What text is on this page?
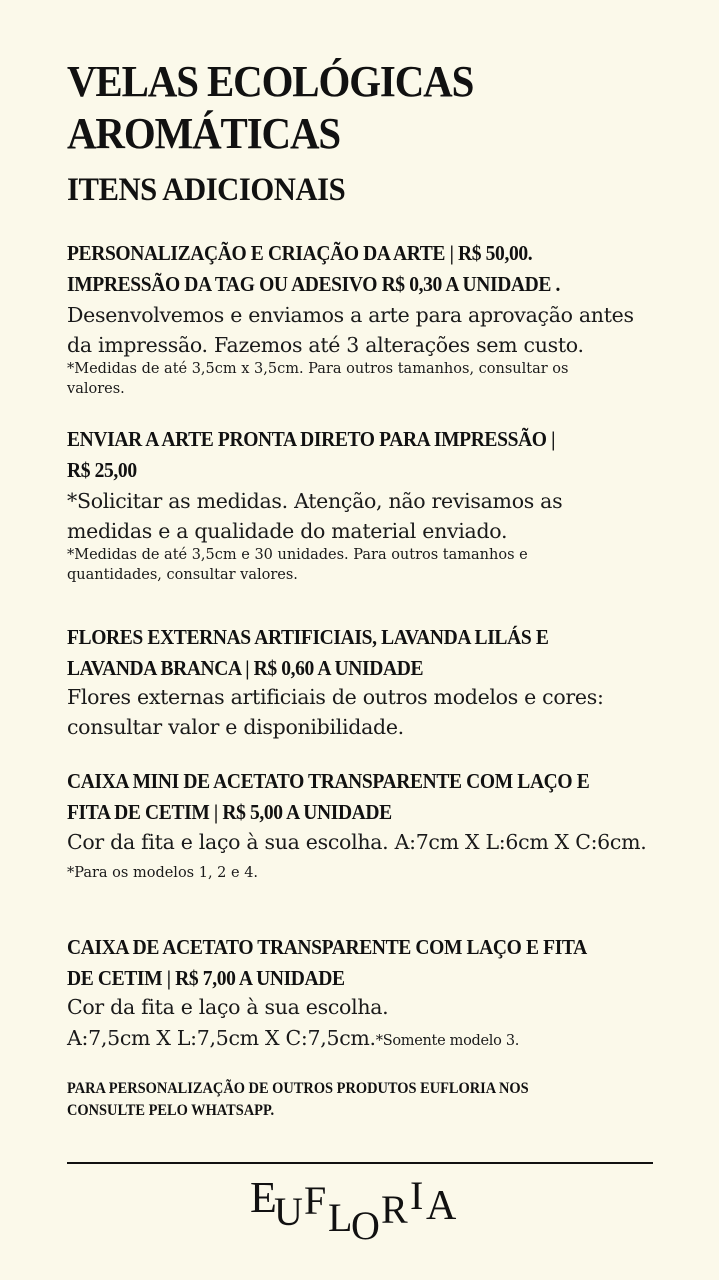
VELAS ECOLÓGICAS
AROMÁTICAS
ITENS ADICIONAIS
PERSONALIZAÇÃO E CRIAÇÃO DA ARTE | R$ 50,00.
IMPRESSÃO DA TAG OU ADESIVO R$ 0,30 A UNIDADE .
Desenvolvemos e enviamos a arte para aprovação antes
da impressão. Fazemos até 3 alterações sem custo.
*Medidas de até 3,5cm x 3,5cm. Para outros tamanhos, consultar os
valores.
ENVIAR A ARTE PRONTA DIRETO PARA IMPRESSÃO |
R$ 25,00
*Solicitar as medidas. Atenção, não revisamos as
medidas e a qualidade do material enviado.
*Medidas de até 3,5cm e 30 unidades. Para outros tamanhos e
quantidades, consultar valores.
FLORES EXTERNAS ARTIFICIAIS, LAVANDA LILÁS E
LAVANDA BRANCA | R$ 0,60 A UNIDADE
Flores externas artificiais de outros modelos e cores:
consultar valor e disponibilidade.
CAIXA MINI DE ACETATO TRANSPARENTE COM LAÇO E
FITA DE CETIM | R$ 5,00 A UNIDADE
Cor da fita e laço à sua escolha. A:7cm X L:6cm X C:6cm.
*Para os modelos 1, 2 e 4.
CAIXA DE ACETATO TRANSPARENTE COM LAÇO E FITA
DE CETIM | R$ 7,00 A UNIDADE
Cor da fita e laço à sua escolha.
A:7,5cm X L:7,5cm X C:7,5cm.*Somente modelo 3.
PARA PERSONALIZAÇÃO DE OUTROS PRODUTOS EUFLORIA NOS
CONSULTE PELO WHATSAPP.
E
U F L
O R I A
